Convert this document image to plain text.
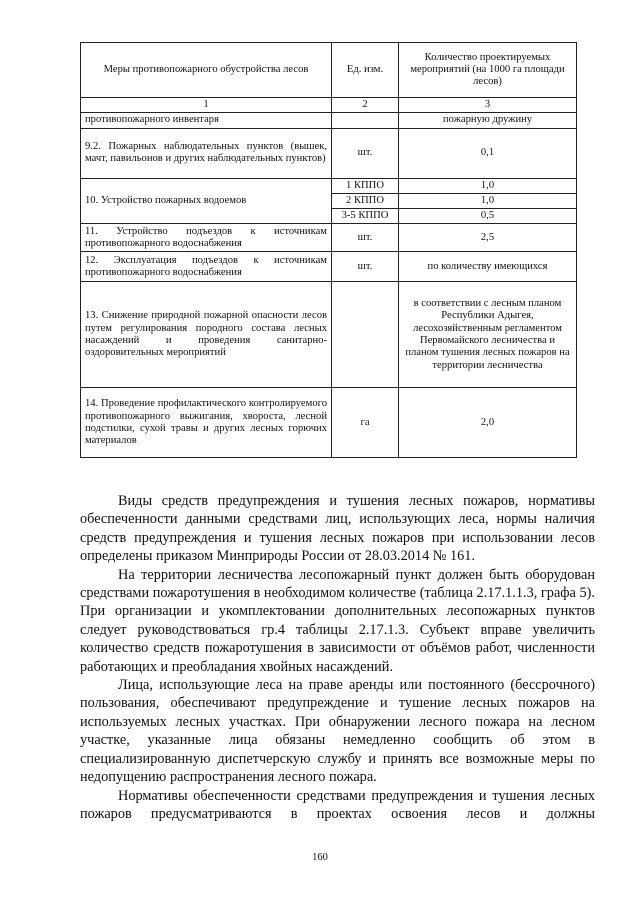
Меры противопожарного обустройства лесов	Ед. изм.	Количество проектируемых мероприятий (на 1000 га площади лесов)
1	2	3
противопожарного инвентаря		пожарную дружину
9.2. Пожарных наблюдательных пунктов (вышек, мачт, павильонов и других наблюдательных пунктов)	шт.	0,1
10. Устройство пожарных водоемов	1 КППО	1,0
	2 КППО	1,0
	3-5 КППО	0,5
11. Устройство подъездов к источникам противопожарного водоснабжения	шт.	2,5
12. Эксплуатация подъездов к источникам противопожарного водоснабжения	шт.	по количеству имеющихся
13. Снижение природной пожарной опасности лесов путем регулирования породного состава лесных насаждений и проведения санитарно-оздоровительных мероприятий		в соответствии с лесным планом Республики Адыгея, лесохозяйственным регламентом Первомайского лесничества и планом тушения лесных пожаров на территории лесничества
14. Проведение профилактического контролируемого противопожарного выжигания, хвороста, лесной подстилки, сухой травы и других лесных горючих материалов	га	2,0

Виды средств предупреждения и тушения лесных пожаров, нормативы обеспеченности данными средствами лиц, использующих леса, нормы наличия средств предупреждения и тушения лесных пожаров при использовании лесов определены приказом Минприроды России от 28.03.2014 № 161.

На территории лесничества лесопожарный пункт должен быть оборудован средствами пожаротушения в необходимом количестве (таблица 2.17.1.1.3, графа 5). При организации и укомплектовании дополнительных лесопожарных пунктов следует руководствоваться гр.4 таблицы 2.17.1.3. Субъект вправе увеличить количество средств пожаротушения в зависимости от объёмов работ, численности работающих и преобладания хвойных насаждений.

Лица, использующие леса на праве аренды или постоянного (бессрочного) пользования, обеспечивают предупреждение и тушение лесных пожаров на используемых лесных участках. При обнаружении лесного пожара на лесном участке, указанные лица обязаны немедленно сообщить об этом в специализированную диспетчерскую службу и принять все возможные меры по недопущению распространения лесного пожара.

Нормативы обеспеченности средствами предупреждения и тушения лесных пожаров предусматриваются в проектах освоения лесов и должны

160
